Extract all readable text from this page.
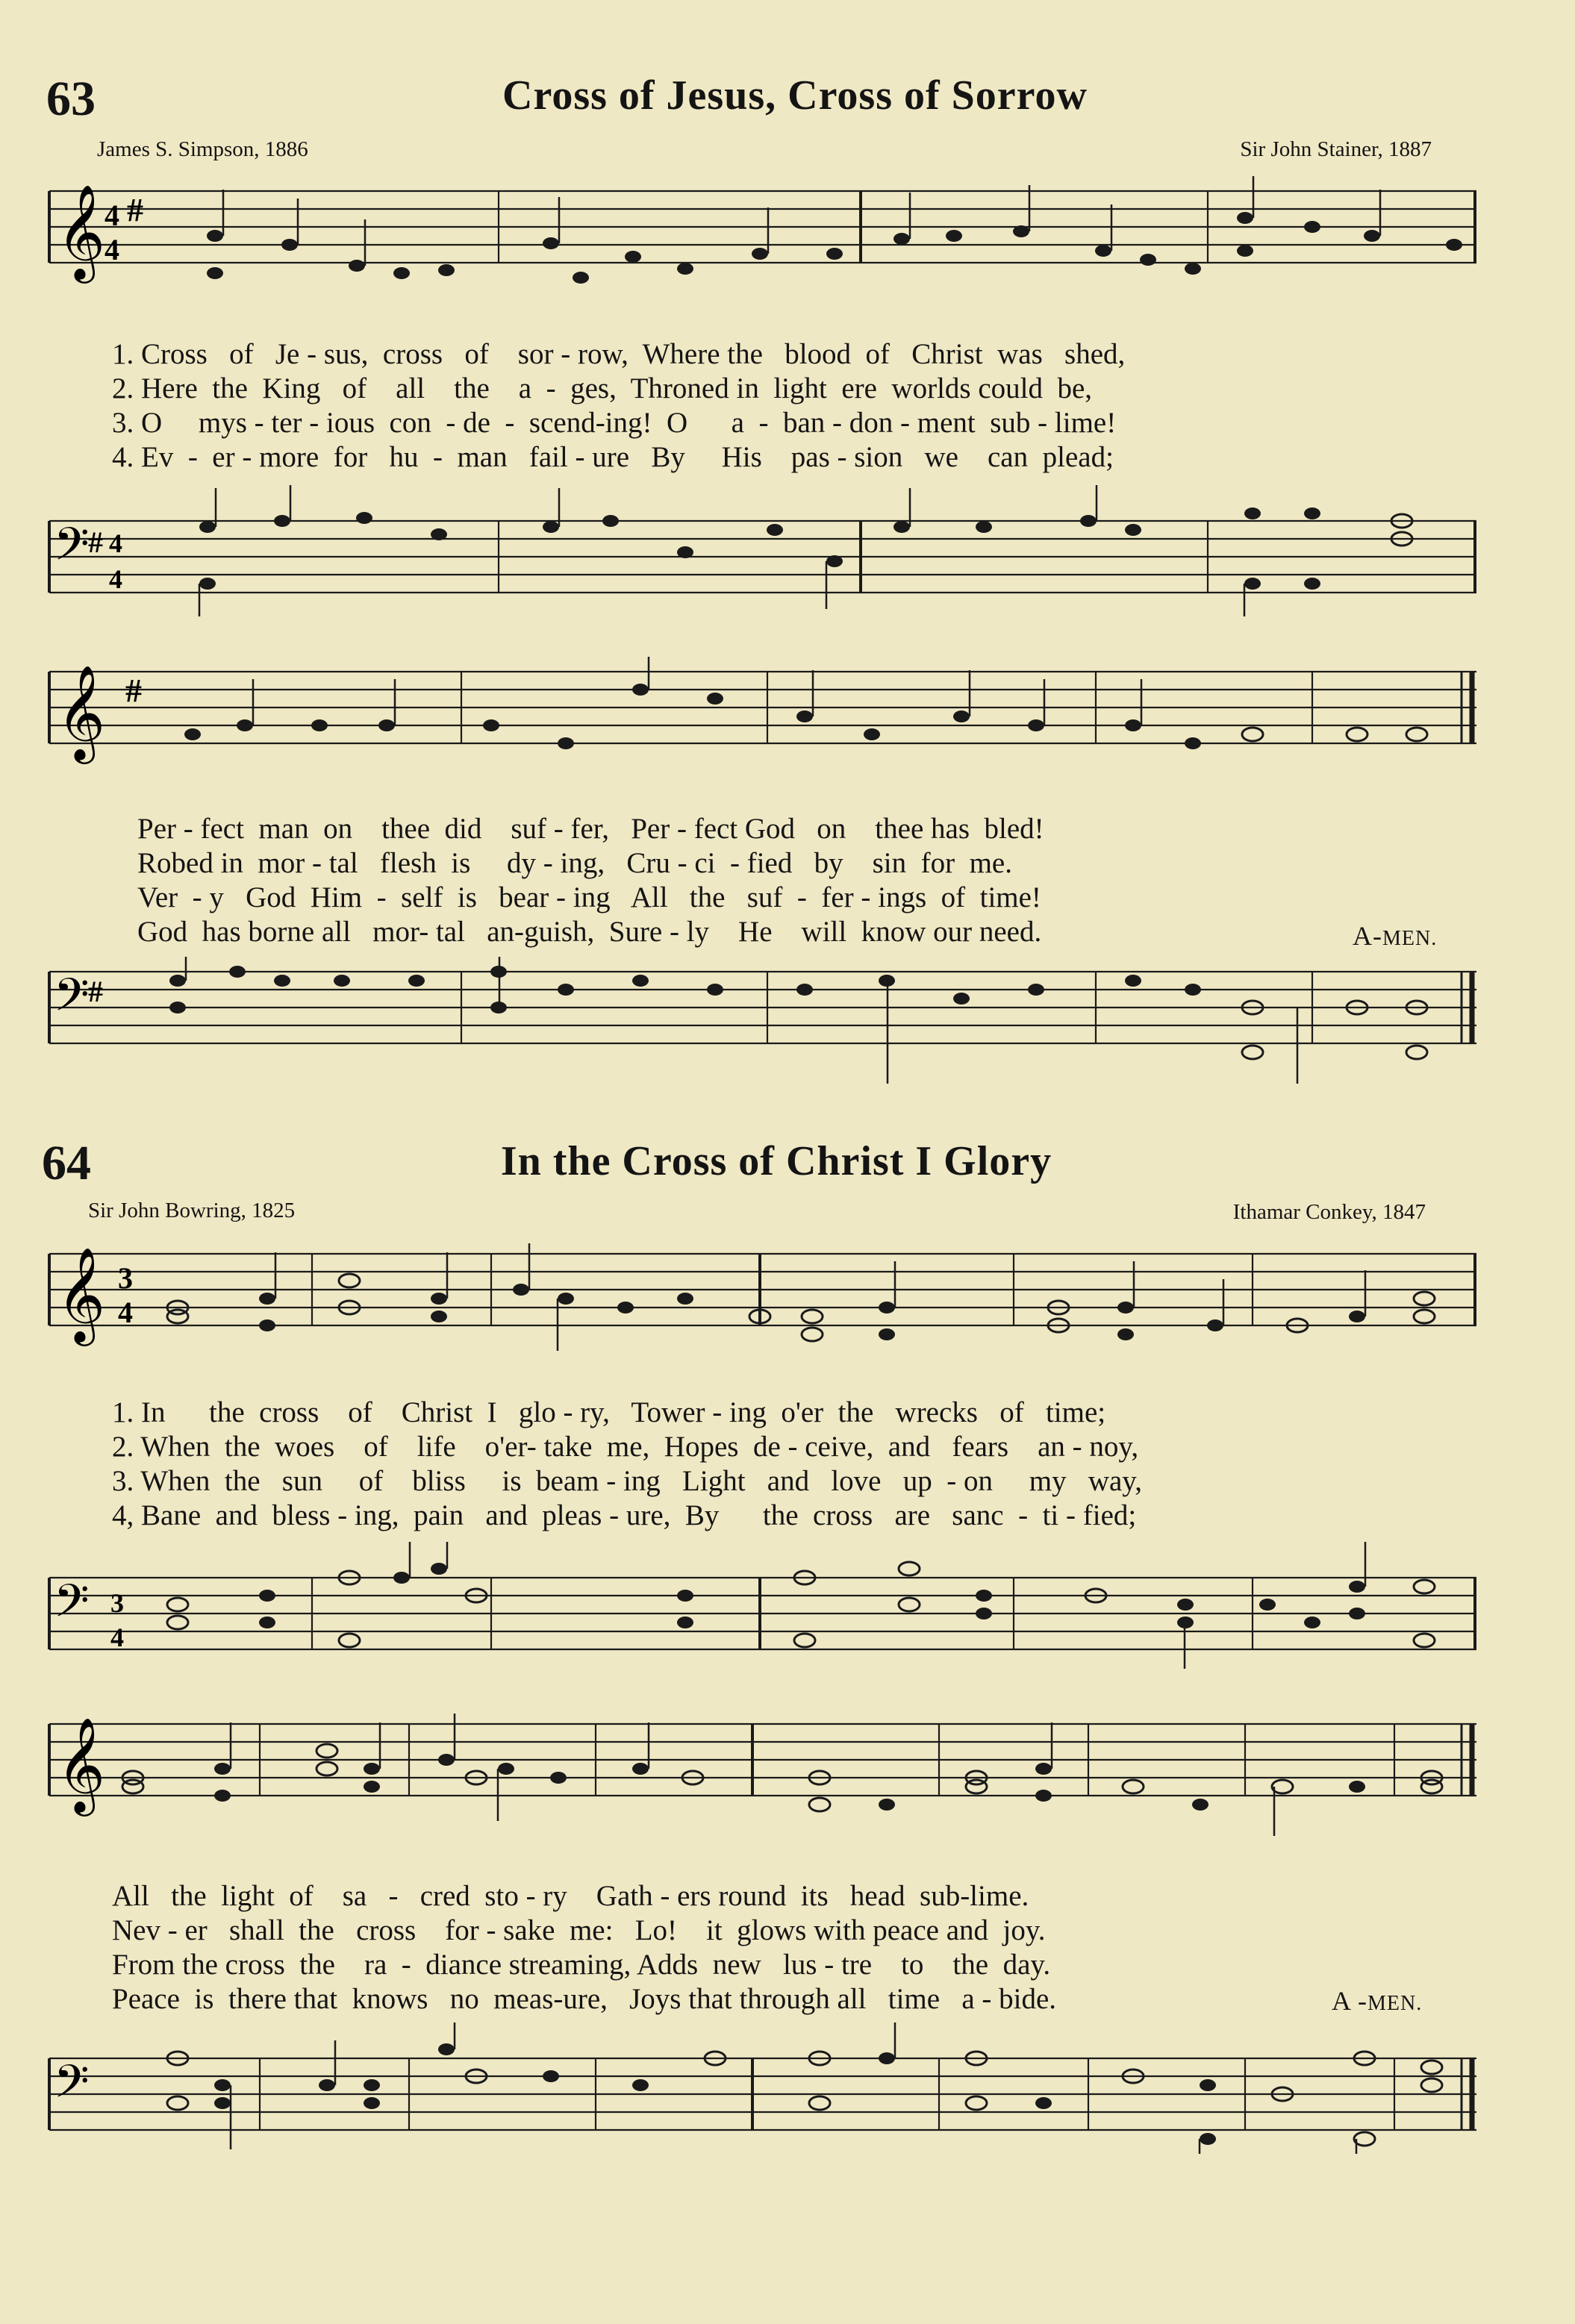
63	Cross of Jesus, Cross of Sorrow
James S. Simpson, 1886	Sir John Stainer, 1887
𝄞 #
4
4
1. Cross   of   Je - sus,  cross   of    sor - row,  Where the   blood  of   Christ  was   shed,
2. Here  the  King   of    all    the    a  -  ges,  Throned in  light  ere  worlds could  be,
3. O     mys - ter - ious  con  - de  -  scend-ing!  O      a  -  ban - don - ment  sub - lime!
4. Ev  -  er - more  for   hu  -  man   fail - ure   By     His    pas - sion   we    can  plead;
𝄢
# 4
4
𝄞 #
Per - fect  man  on    thee  did    suf - fer,   Per - fect God   on    thee has  bled!
Robed in  mor - tal   flesh  is     dy - ing,   Cru - ci  - fied   by    sin  for  me.
Ver  - y   God  Him  -  self  is   bear - ing   All   the   suf  -  fer - ings  of  time!
God  has borne all   mor- tal   an-guish,  Sure - ly    He    will  know our need.	A-MEN.
𝄢
#
64	In the Cross of Christ I Glory
Sir John Bowring, 1825	Ithamar Conkey, 1847
𝄞 3
4
1. In      the  cross    of    Christ  I   glo - ry,   Tower - ing  o'er  the   wrecks   of   time;
2. When  the  woes    of    life    o'er- take  me,  Hopes  de - ceive,  and   fears    an - noy,
3. When  the   sun     of    bliss     is  beam - ing   Light   and   love   up  - on     my   way,
4, Bane  and  bless - ing,  pain   and  pleas - ure,  By      the  cross   are   sanc  -  ti - fied;
𝄢 3
4
𝄞
All   the  light  of    sa   -   cred  sto - ry    Gath - ers round  its   head  sub-lime.
Nev - er   shall  the   cross    for - sake  me:   Lo!    it  glows with peace and  joy.
From the cross  the    ra  -  diance streaming, Adds  new   lus - tre    to    the  day.
Peace  is  there that  knows   no  meas-ure,   Joys that through all   time   a - bide.	A -MEN.
𝄢
